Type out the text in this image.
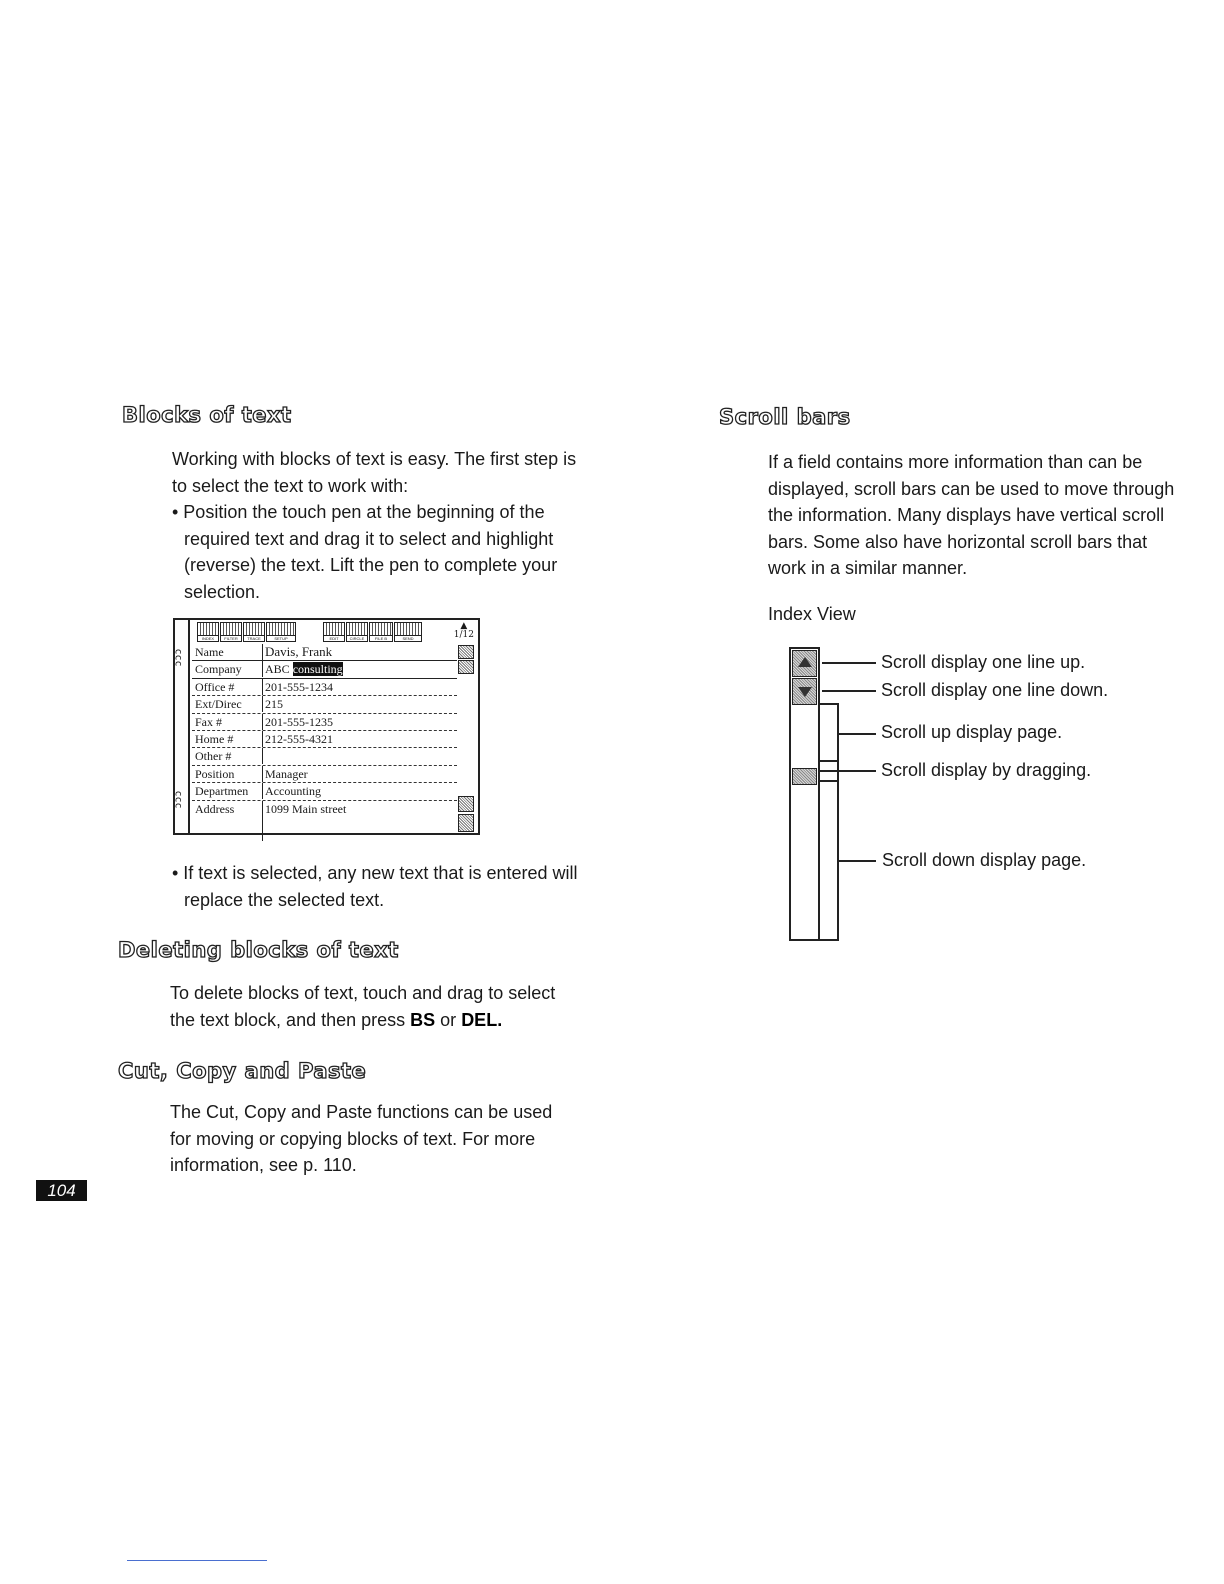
Blocks of text

Working with blocks of text is easy. The first step is

to select the text to work with:

• Position the touch pen at the beginning of the

required text and drag it to select and highlight

(reverse) the text. Lift the pen to complete your

selection.

ccc
ccc
INDEX	FILTER	TRACE	SETUP	EDIT	CIRCLE	FILE B	SEND
▲
1/12
Name	Davis, Frank
Company ABC consulting
Office #	201-555-1234
Ext/Direc 215
Fax #	201-555-1235
Home #	212-555-4321
Other #
Position	Manager
Departmen Accounting
Address	1099 Main street

• If text is selected, any new text that is entered will

replace the selected text.

Deleting blocks of text

To delete blocks of text, touch and drag to select

the text block, and then press BS or DEL.

Cut, Copy and Paste

The Cut, Copy and Paste functions can be used

for moving or copying blocks of text. For more

information, see p. 110.

104
Scroll bars

If a field contains more information than can be

displayed, scroll bars can be used to move through

the information. Many displays have vertical scroll

bars. Some also have horizontal scroll bars that

work in a similar manner.

Index View
Scroll display one line up.
Scroll display one line down.
Scroll up display page.
Scroll display by dragging.
Scroll down display page.
